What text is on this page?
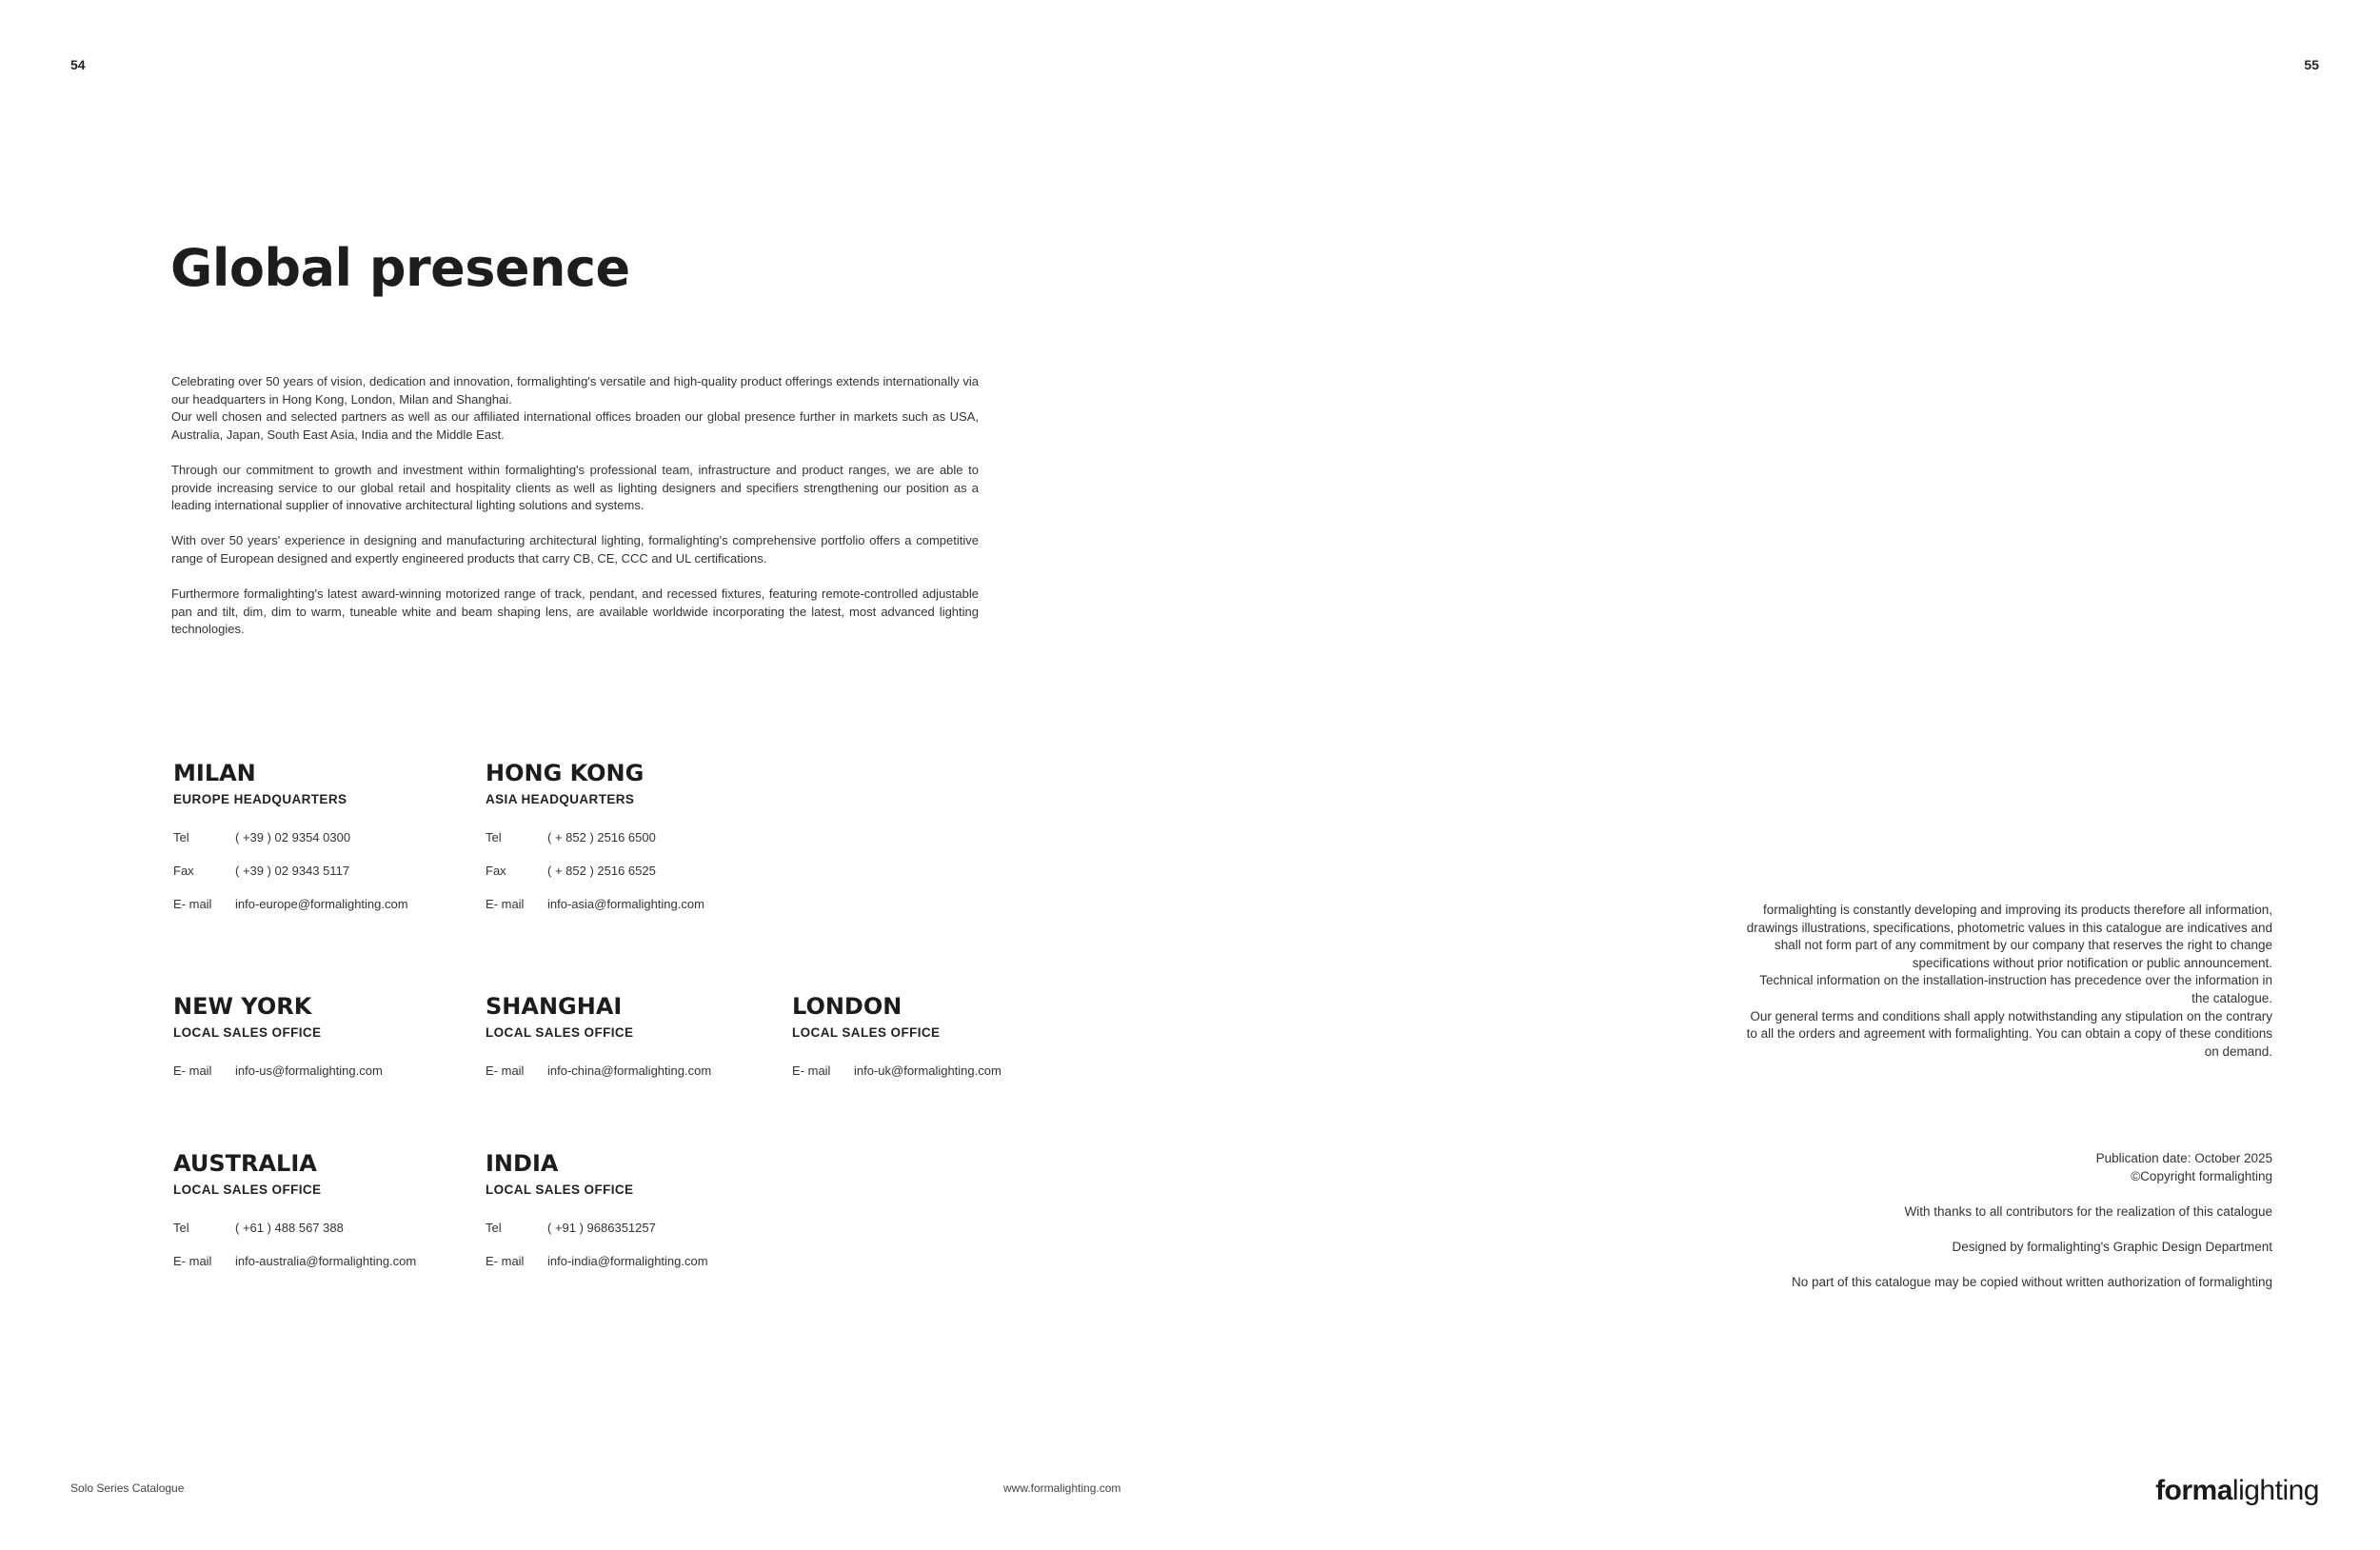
54	55
Global presence
Celebrating over 50 years of vision, dedication and innovation, formalighting's versatile and high-quality product offerings extends internationally via our headquarters in Hong Kong, London, Milan and Shanghai.

Our well chosen and selected partners as well as our affiliated international offices broaden our global presence further in markets such as USA, Australia, Japan, South East Asia, India and the Middle East.

Through our commitment to growth and investment within formalighting's professional team, infrastructure and product ranges, we are able to provide increasing service to our global retail and hospitality clients as well as lighting designers and specifiers strengthening our position as a leading international supplier of innovative architectural lighting solutions and systems.

With over 50 years' experience in designing and manufacturing architectural lighting, formalighting's comprehensive portfolio offers a competitive range of European designed and expertly engineered products that carry CB, CE, CCC and UL certifications.

Furthermore formalighting's latest award-winning motorized range of track, pendant, and recessed fixtures, featuring remote-controlled adjustable pan and tilt, dim, dim to warm, tuneable white and beam shaping lens, are available worldwide incorporating the latest, most advanced lighting technologies.

MILAN
EUROPE HEADQUARTERS
Tel	( +39 ) 02 9354 0300
Fax	( +39 ) 02 9343 5117
E- mail	info-europe@formalighting.com
HONG KONG
ASIA HEADQUARTERS
Tel	( + 852 ) 2516 6500
Fax	( + 852 ) 2516 6525
E- mail	info-asia@formalighting.com
NEW YORK
LOCAL SALES OFFICE
E- mail	info-us@formalighting.com
SHANGHAI
LOCAL SALES OFFICE
E- mail	info-china@formalighting.com
LONDON
LOCAL SALES OFFICE
E- mail	info-uk@formalighting.com
AUSTRALIA
LOCAL SALES OFFICE
Tel	( +61 ) 488 567 388
E- mail	info-australia@formalighting.com
INDIA
LOCAL SALES OFFICE
Tel	( +91 ) 9686351257
E- mail	info-india@formalighting.com

formalighting is constantly developing and improving its products therefore all information, drawings illustrations, specifications, photometric values in this catalogue are indicatives and shall not form part of any commitment by our company that reserves the right to change specifications without prior notification or public announcement.

Technical information on the installation-instruction has precedence over the information in the catalogue.

Our general terms and conditions shall apply notwithstanding any stipulation on the contrary to all the orders and agreement with formalighting. You can obtain a copy of these conditions on demand.

Publication date: October 2025

©Copyright formalighting

With thanks to all contributors for the realization of this catalogue

Designed by formalighting's Graphic Design Department

No part of this catalogue may be copied without written authorization of formalighting

Solo Series Catalogue	www.formalighting.com	formalighting
